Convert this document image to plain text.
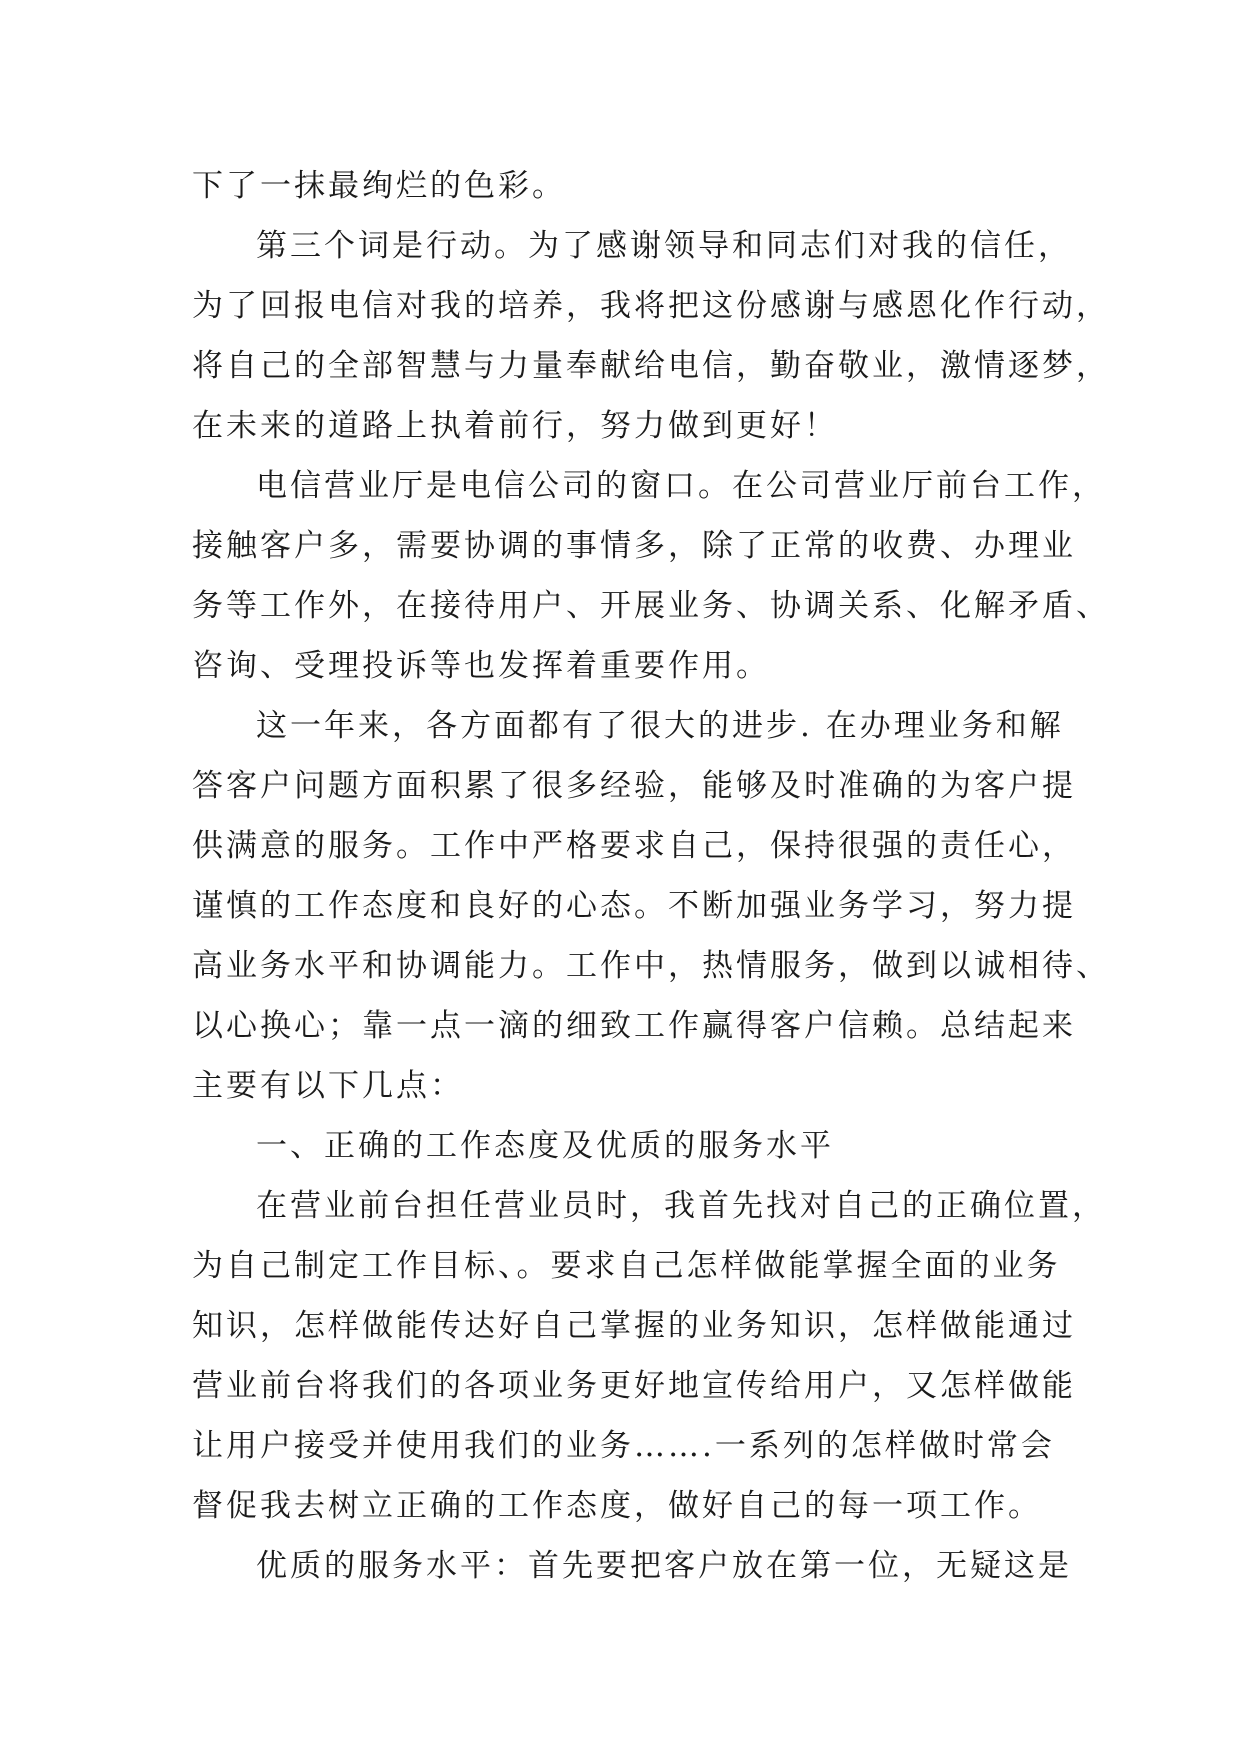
下了一抹最绚烂的色彩。
第三个词是行动。为了感谢领导和同志们对我的信任，
为了回报电信对我的培养，我将把这份感谢与感恩化作行动，
将自己的全部智慧与力量奉献给电信，勤奋敬业，激情逐梦，
在未来的道路上执着前行，努力做到更好！
电信营业厅是电信公司的窗口。在公司营业厅前台工作，
接触客户多，需要协调的事情多，除了正常的收费、办理业
务等工作外，在接待用户、开展业务、协调关系、化解矛盾、
咨询、受理投诉等也发挥着重要作用。
这一年来，各方面都有了很大的进步. 在办理业务和解
答客户问题方面积累了很多经验，能够及时准确的为客户提
供满意的服务。工作中严格要求自己，保持很强的责任心，
谨慎的工作态度和良好的心态。不断加强业务学习，努力提
高业务水平和协调能力。工作中，热情服务，做到以诚相待、
以心换心；靠一点一滴的细致工作赢得客户信赖。总结起来
主要有以下几点：
一、正确的工作态度及优质的服务水平
在营业前台担任营业员时，我首先找对自己的正确位置，
为自己制定工作目标、。要求自己怎样做能掌握全面的业务
知识，怎样做能传达好自己掌握的业务知识，怎样做能通过
营业前台将我们的各项业务更好地宣传给用户，又怎样做能
让用户接受并使用我们的业务…….一系列的怎样做时常会
督促我去树立正确的工作态度，做好自己的每一项工作。
优质的服务水平：首先要把客户放在第一位，无疑这是
